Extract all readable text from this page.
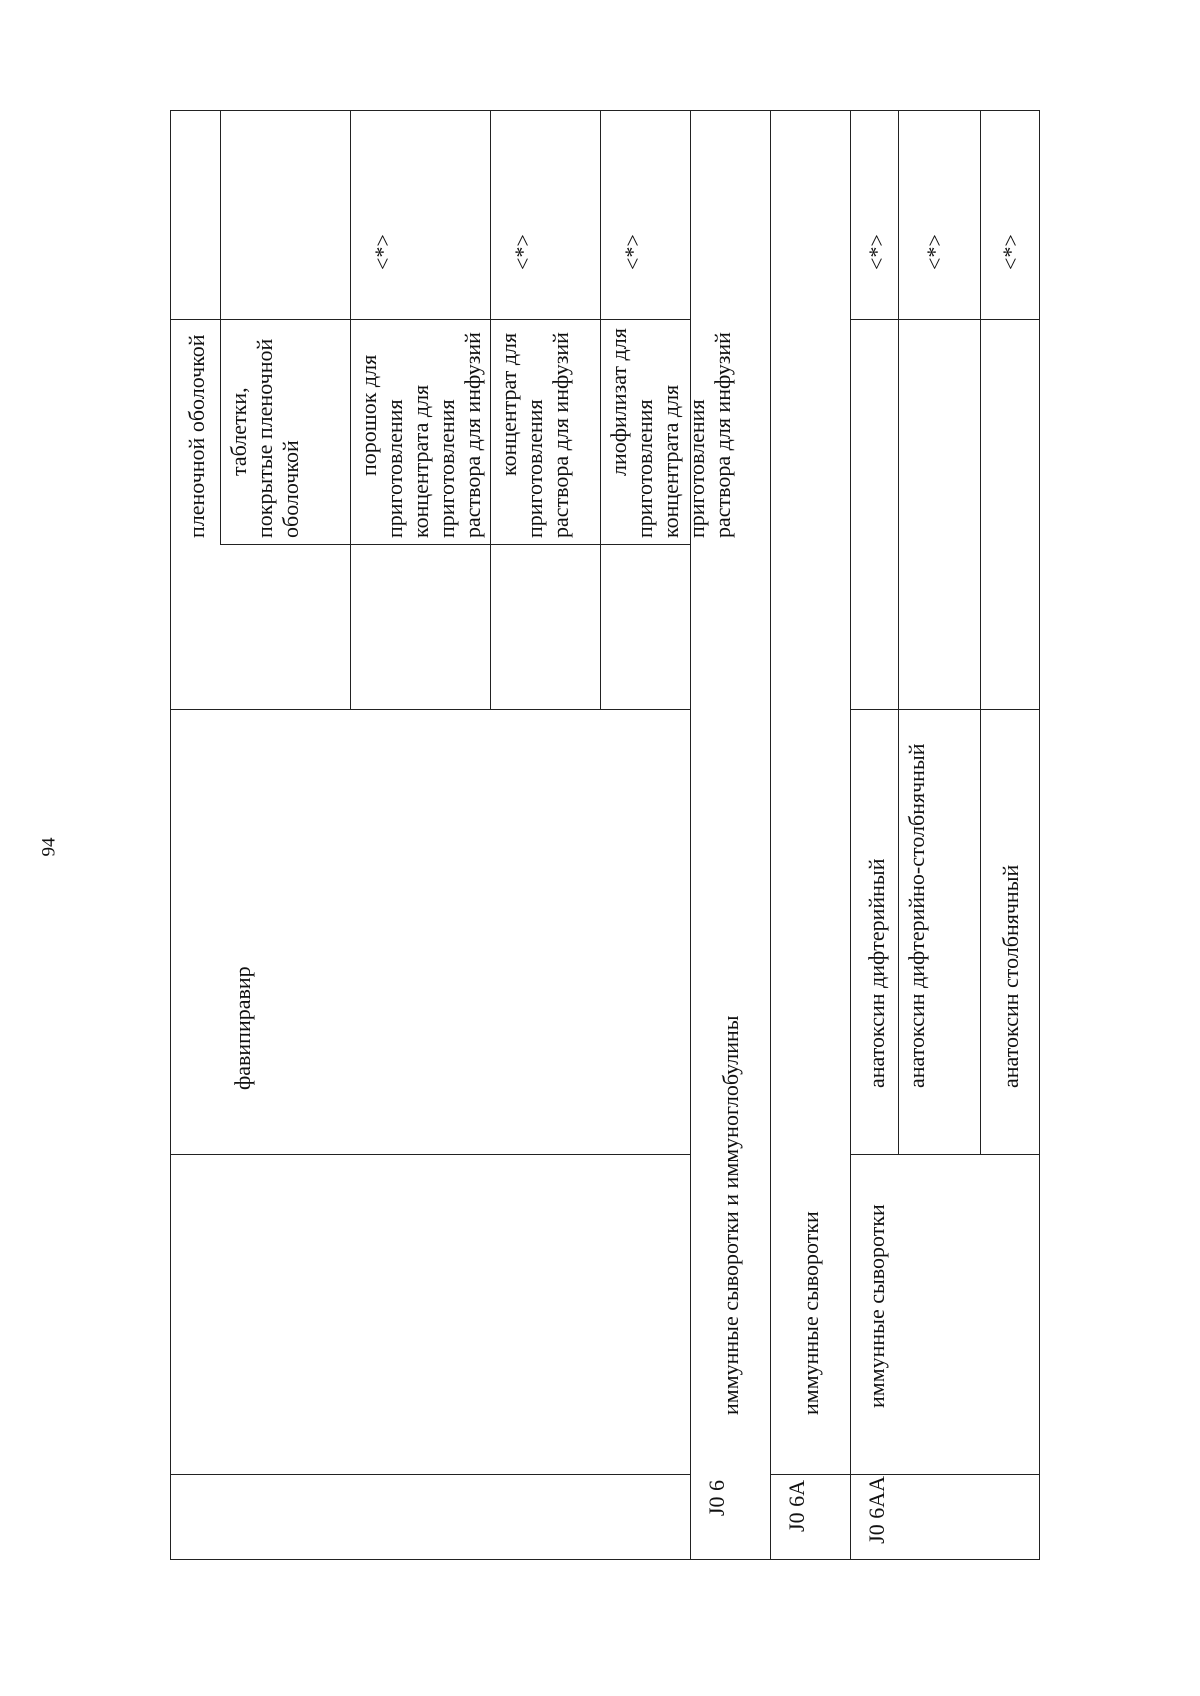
94
пленочной оболочкой
фавипиравир
таблетки, покрытые пленочной оболочкой
порошок для приготовления концентрата для приготовления раствора для инфузий
<*>
концентрат для приготовления раствора для инфузий
<*>
лиофилизат для приготовления концентрата для приготовления раствора для инфузий
<*>
J0 6
иммунные сыворотки и иммуноглобулины
J0 6A
иммунные сыворотки
J0 6AA
иммунные сыворотки
анатоксин дифтерийный
<*>
анатоксин дифтерийно-столбнячный
<*>
анатоксин столбнячный
<*>
